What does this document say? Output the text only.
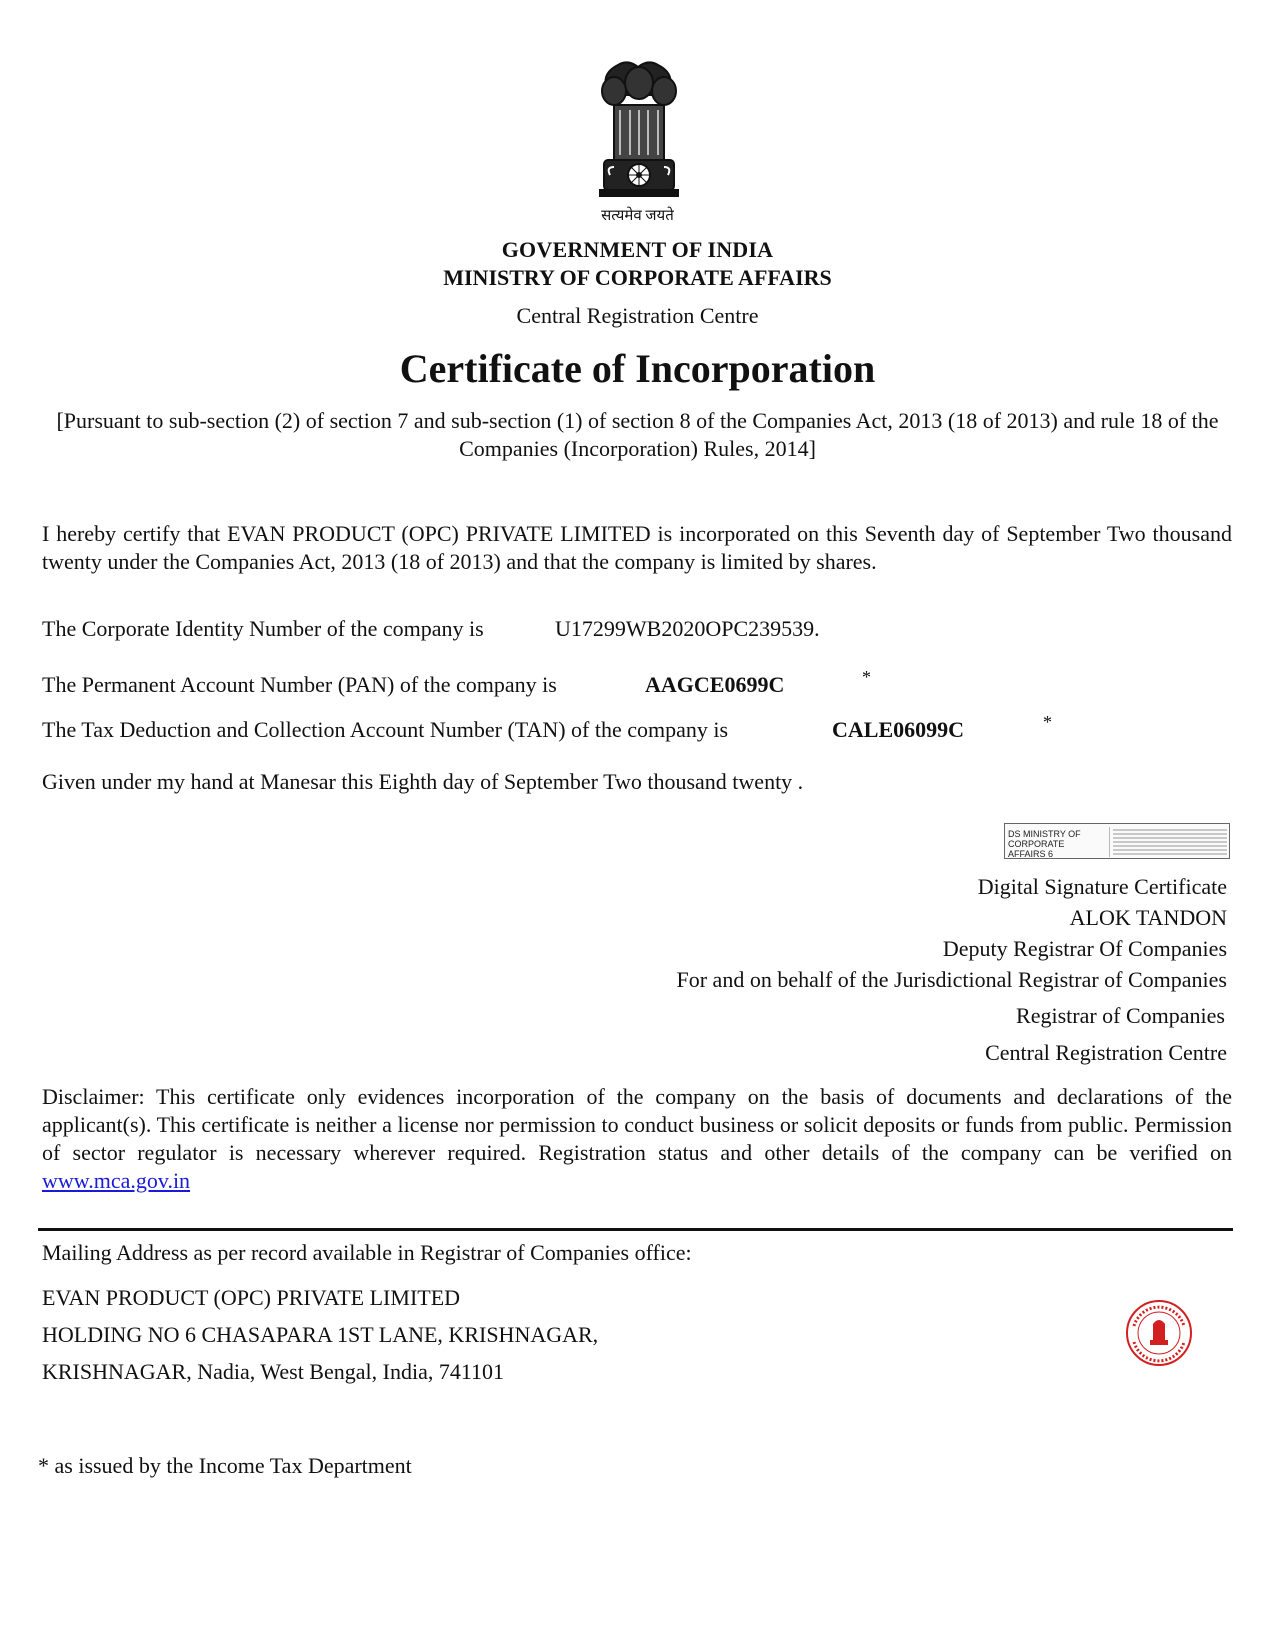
सत्यमेव जयते
GOVERNMENT OF INDIA
MINISTRY OF CORPORATE AFFAIRS
Central Registration Centre
Certificate of Incorporation
[Pursuant to sub-section (2) of section 7 and sub-section (1) of section 8 of the Companies Act, 2013 (18 of 2013) and rule 18 of the Companies (Incorporation) Rules, 2014]
I hereby certify that EVAN PRODUCT (OPC) PRIVATE LIMITED is incorporated on this Seventh day of September Two thousand twenty under the Companies Act, 2013 (18 of 2013) and that the company is limited by shares.
The Corporate Identity Number of the company is	U17299WB2020OPC239539.
The Permanent Account Number (PAN) of the company is	AAGCE0699C	*
The Tax Deduction and Collection Account Number (TAN) of the company is	CALE06099C	*
Given under my hand at Manesar this Eighth day of September Two thousand twenty .
DS MINISTRY OF CORPORATE AFFAIRS 6
Digital Signature Certificate
ALOK TANDON
Deputy Registrar Of Companies
For and on behalf of the Jurisdictional Registrar of Companies
Registrar of Companies
Central Registration Centre
Disclaimer: This certificate only evidences incorporation of the company on the basis of documents and declarations of the applicant(s). This certificate is neither a license nor permission to conduct business or solicit deposits or funds from public. Permission of sector regulator is necessary wherever required. Registration status and other details of the company can be verified on www.mca.gov.in
Mailing Address as per record available in Registrar of Companies office:
EVAN PRODUCT (OPC) PRIVATE LIMITED
HOLDING NO 6 CHASAPARA 1ST LANE, KRISHNAGAR,
KRISHNAGAR, Nadia, West Bengal, India, 741101
* as issued by the Income Tax Department
